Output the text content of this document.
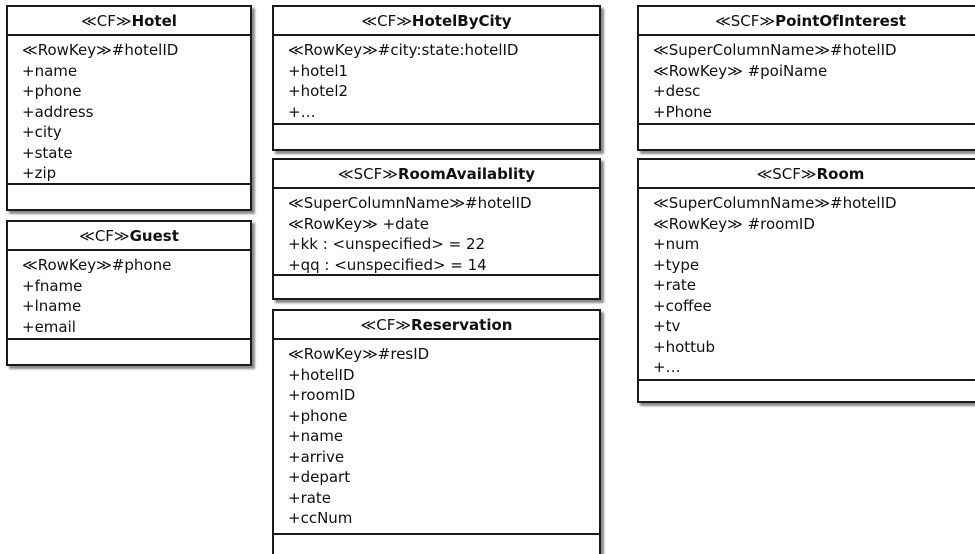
≪CF≫Hotel
≪RowKey≫#hotelID
+name
+phone
+address
+city
+state
+zip
≪CF≫Guest
≪RowKey≫#phone
+fname
+lname
+email
≪CF≫HotelByCity
≪RowKey≫#city:state:hotelID
+hotel1
+hotel2
+…
≪SCF≫RoomAvailablity
≪SuperColumnName≫#hotelID
≪RowKey≫ +date
+kk : <unspecified> = 22
+qq : <unspecified> = 14
≪CF≫Reservation
≪RowKey≫#resID
+hotelID
+roomID
+phone
+name
+arrive
+depart
+rate
+ccNum
≪SCF≫PointOfInterest
≪SuperColumnName≫#hotelID
≪RowKey≫ #poiName
+desc
+Phone
≪SCF≫Room
≪SuperColumnName≫#hotelID
≪RowKey≫ #roomID
+num
+type
+rate
+coffee
+tv
+hottub
+…
